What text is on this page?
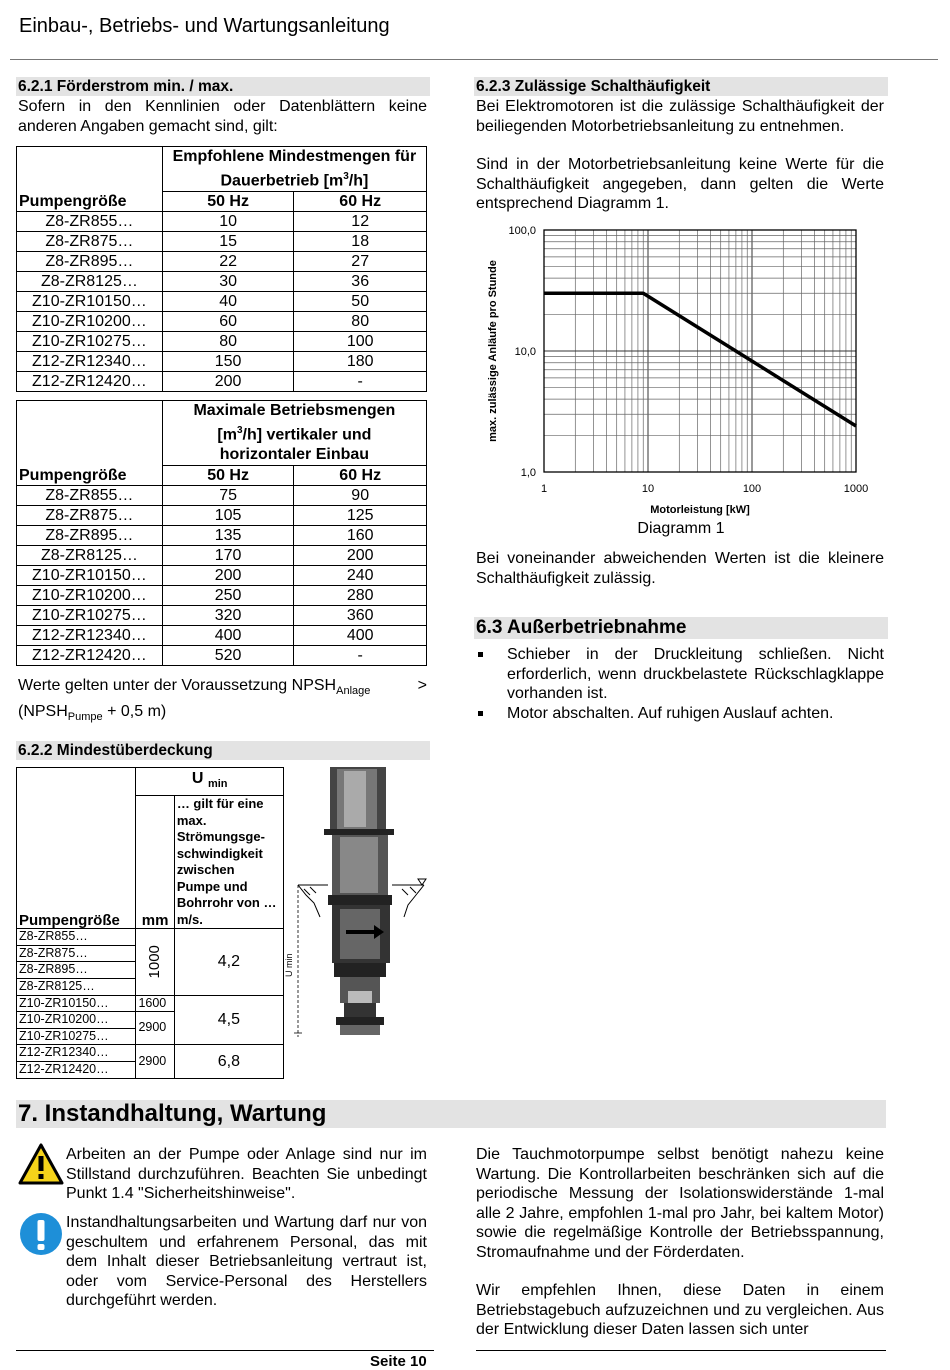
Einbau-, Betriebs- und Wartungsanleitung
6.2.1 Förderstrom min. / max.
Sofern in den Kennlinien oder Datenblättern keine anderen Angaben gemacht sind, gilt:
	Empfohlene Mindestmengen für
Dauerbetrieb $[m^3/h]$	
Pumpengröße	50 Hz	60 Hz
Z8-ZR855…	10	12
Z8-ZR875…	15	18
Z8-ZR895…	22	27
Z8-ZR8125…	30	36
Z10-ZR10150…	40	50
Z10-ZR10200…	60	80
Z10-ZR10275…	80	100
Z12-ZR12340…	150	180
Z12-ZR12420…	200	-
	Maximale Betriebsmengen
$[m^3/h]$ vertikaler und
horizontaler Einbau	
Pumpengröße	50 Hz	60 Hz
Z8-ZR855…	75	90
Z8-ZR875…	105	125
Z8-ZR895…	135	160
Z8-ZR8125…	170	200
Z10-ZR10150…	200	240
Z10-ZR10200…	250	280
Z10-ZR10275…	320	360
Z12-ZR12340…	400	400
Z12-ZR12420…	520	-
Werte gelten unter der Voraussetzung $NPSH_{Anlage}$	>
($NPSH_{Pumpe} + 0,5$ m)
6.2.2 Mindestüberdeckung
	U $_{min}$
Pumpengröße	mm	… gilt für eine max. Strömungsge-schwindigkeit zwischen Pumpe und Bohrrohr von … m/s.
Z8-ZR855…	1000	4,2
Z8-ZR875…		
Z8-ZR895…		
Z8-ZR8125…		
Z10-ZR10150…	1600	4,5
Z10-ZR10200…	2900	
Z10-ZR10275…		
Z12-ZR12340…	2900	6,8
Z12-ZR12420…		
U min
6.2.3 Zulässige Schalthäufigkeit
Bei Elektromotoren ist die zulässige Schalthäufigkeit der beiliegenden Motorbetriebsanleitung zu entnehmen.
Sind in der Motorbetriebsanleitung keine Werte für die Schalthäufigkeit angegeben, dann gelten die Werte entsprechend Diagramm 1.
1	10	100	1000
1,0
10,0
100,0
Motorleistung [kW]
max. zulässige Anläufe pro Stunde
Diagramm 1
Bei voneinander abweichenden Werten ist die kleinere Schalthäufigkeit zulässig.
6.3 Außerbetriebnahme
Schieber in der Druckleitung schließen. Nicht erforderlich, wenn druckbelastete Rückschlagklappe vorhanden ist.
Motor abschalten. Auf ruhigen Auslauf achten.
7. Instandhaltung, Wartung
Arbeiten an der Pumpe oder Anlage sind nur im Stillstand durchzuführen. Beachten Sie unbedingt Punkt 1.4 "Sicherheitshinweise".
Instandhaltungsarbeiten und Wartung darf nur von geschultem und erfahrenem Personal, das mit dem Inhalt dieser Betriebsanleitung vertraut ist, oder vom Service-Personal des Herstellers durchgeführt werden.
Die Tauchmotorpumpe selbst benötigt nahezu keine Wartung. Die Kontrollarbeiten beschränken sich auf die periodische Messung der Isolationswiderstände 1-mal alle 2 Jahre, empfohlen 1-mal pro Jahr, bei kaltem Motor) sowie die regelmäßige Kontrolle der Betriebsspannung, Stromaufnahme und der Förderdaten.
Wir empfehlen Ihnen, diese Daten in einem Betriebstagebuch aufzuzeichnen und zu vergleichen. Aus der Entwicklung dieser Daten lassen sich unter
Seite 10
